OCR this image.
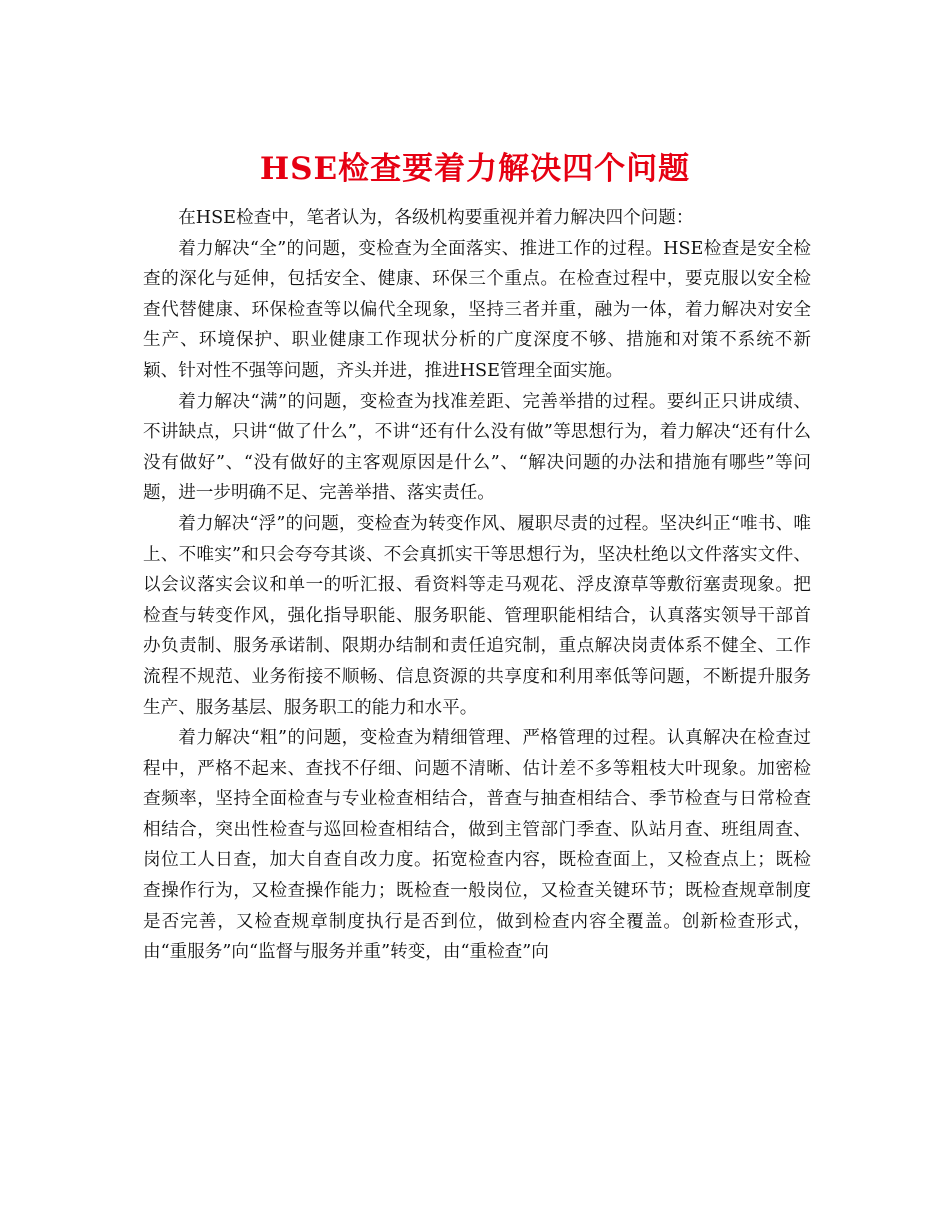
HSE检查要着力解决四个问题

在HSE检查中，笔者认为，各级机构要重视并着力解决四个问题：

着力解决“全”的问题，变检查为全面落实、推进工作的过程。HSE检查是安全检查的深化与延伸，包括安全、健康、环保三个重点。在检查过程中，要克服以安全检查代替健康、环保检查等以偏代全现象，坚持三者并重，融为一体，着力解决对安全生产、环境保护、职业健康工作现状分析的广度深度不够、措施和对策不系统不新颖、针对性不强等问题，齐头并进，推进HSE管理全面实施。

着力解决“满”的问题，变检查为找准差距、完善举措的过程。要纠正只讲成绩、不讲缺点，只讲“做了什么”，不讲“还有什么没有做”等思想行为，着力解决“还有什么没有做好”、“没有做好的主客观原因是什么”、“解决问题的办法和措施有哪些”等问题，进一步明确不足、完善举措、落实责任。

着力解决“浮”的问题，变检查为转变作风、履职尽责的过程。坚决纠正“唯书、唯上、不唯实”和只会夸夸其谈、不会真抓实干等思想行为，坚决杜绝以文件落实文件、以会议落实会议和单一的听汇报、看资料等走马观花、浮皮潦草等敷衍塞责现象。把检查与转变作风，强化指导职能、服务职能、管理职能相结合，认真落实领导干部首办负责制、服务承诺制、限期办结制和责任追究制，重点解决岗责体系不健全、工作流程不规范、业务衔接不顺畅、信息资源的共享度和利用率低等问题，不断提升服务生产、服务基层、服务职工的能力和水平。

着力解决“粗”的问题，变检查为精细管理、严格管理的过程。认真解决在检查过程中，严格不起来、查找不仔细、问题不清晰、估计差不多等粗枝大叶现象。加密检查频率，坚持全面检查与专业检查相结合，普查与抽查相结合、季节检查与日常检查相结合，突出性检查与巡回检查相结合，做到主管部门季查、队站月查、班组周查、岗位工人日查，加大自查自改力度。拓宽检查内容，既检查面上，又检查点上；既检查操作行为，又检查操作能力；既检查一般岗位，又检查关键环节；既检查规章制度是否完善，又检查规章制度执行是否到位，做到检查内容全覆盖。创新检查形式，由“重服务”向“监督与服务并重”转变，由“重检查”向
